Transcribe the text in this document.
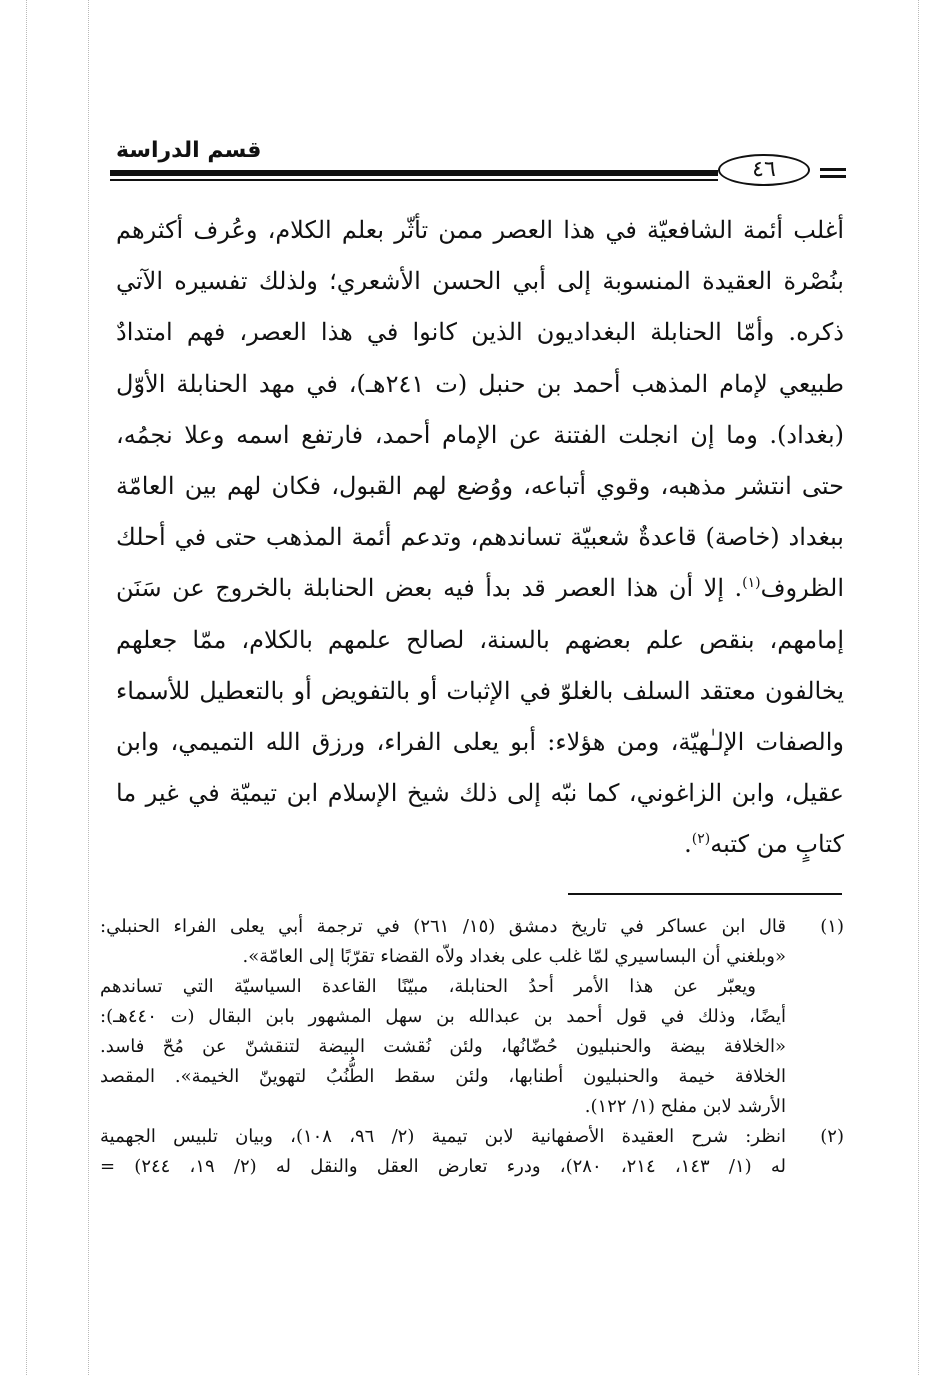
قسم الدراسة
٤٦
أغلب أئمة الشافعيّة في هذا العصر ممن تأثّر بعلم الكلام، وعُرف أكثرهم
بنُصْرة العقيدة المنسوبة إلى أبي الحسن الأشعري؛ ولذلك تفسيره الآتي
ذكره. وأمّا الحنابلة البغداديون الذين كانوا في هذا العصر، فهم امتدادٌ
طبيعي لإمام المذهب أحمد بن حنبل (ت ٢٤١هـ)، في مهد الحنابلة الأوّل
(بغداد). وما إن انجلت الفتنة عن الإمام أحمد، فارتفع اسمه وعلا نجمُه،
حتى انتشر مذهبه، وقوي أتباعه، ووُضع لهم القبول، فكان لهم بين العامّة
ببغداد (خاصة) قاعدةٌ شعبيّة تساندهم، وتدعم أئمة المذهب حتى في أحلك
الظروف$^{(١)}$. إلا أن هذا العصر قد بدأ فيه بعض الحنابلة بالخروج عن سَنَن
إمامهم، بنقص علم بعضهم بالسنة، لصالح علمهم بالكلام، ممّا جعلهم
يخالفون معتقد السلف بالغلوّ في الإثبات أو بالتفويض أو بالتعطيل للأسماء
والصفات الإلـٰهيّة، ومن هؤلاء: أبو يعلى الفراء، ورزق الله التميمي، وابن
عقيل، وابن الزاغوني، كما نبّه إلى ذلك شيخ الإسلام ابن تيميّة في غير ما
كتابٍ من كتبه$^{(٢)}$.
(١)
قال ابن عساكر في تاريخ دمشق (١٥/ ٢٦١) في ترجمة أبي يعلى الفراء الحنبلي:
«وبلغني أن البساسيري لمّا غلب على بغداد ولاّه القضاء تقرّبًا إلى العامّة».
ويعبّر عن هذا الأمر أحدُ الحنابلة، مبيّنًا القاعدة السياسيّة التي تساندهم
أيضًا، وذلك في قول أحمد بن عبدالله بن سهل المشهور بابن البقال (ت ٤٤٠هـ):
«الخلافة بيضة والحنبليون حُضّانُها، ولئن نُقشت البيضة لتنقشنّ عن مُحّ فاسد.
الخلافة خيمة والحنبليون أطنابها، ولئن سقط الطُّنُبُ لتهوينّ الخيمة». المقصد
الأرشد لابن مفلح (١/ ١٢٢).
(٢)
انظر: شرح العقيدة الأصفهانية لابن تيمية (٢/ ٩٦، ١٠٨)، وبيان تلبيس الجهمية
له (١/ ١٤٣، ٢١٤، ٢٨٠)، ودرء تعارض العقل والنقل له (٢/ ١٩، ٢٤٤) =
